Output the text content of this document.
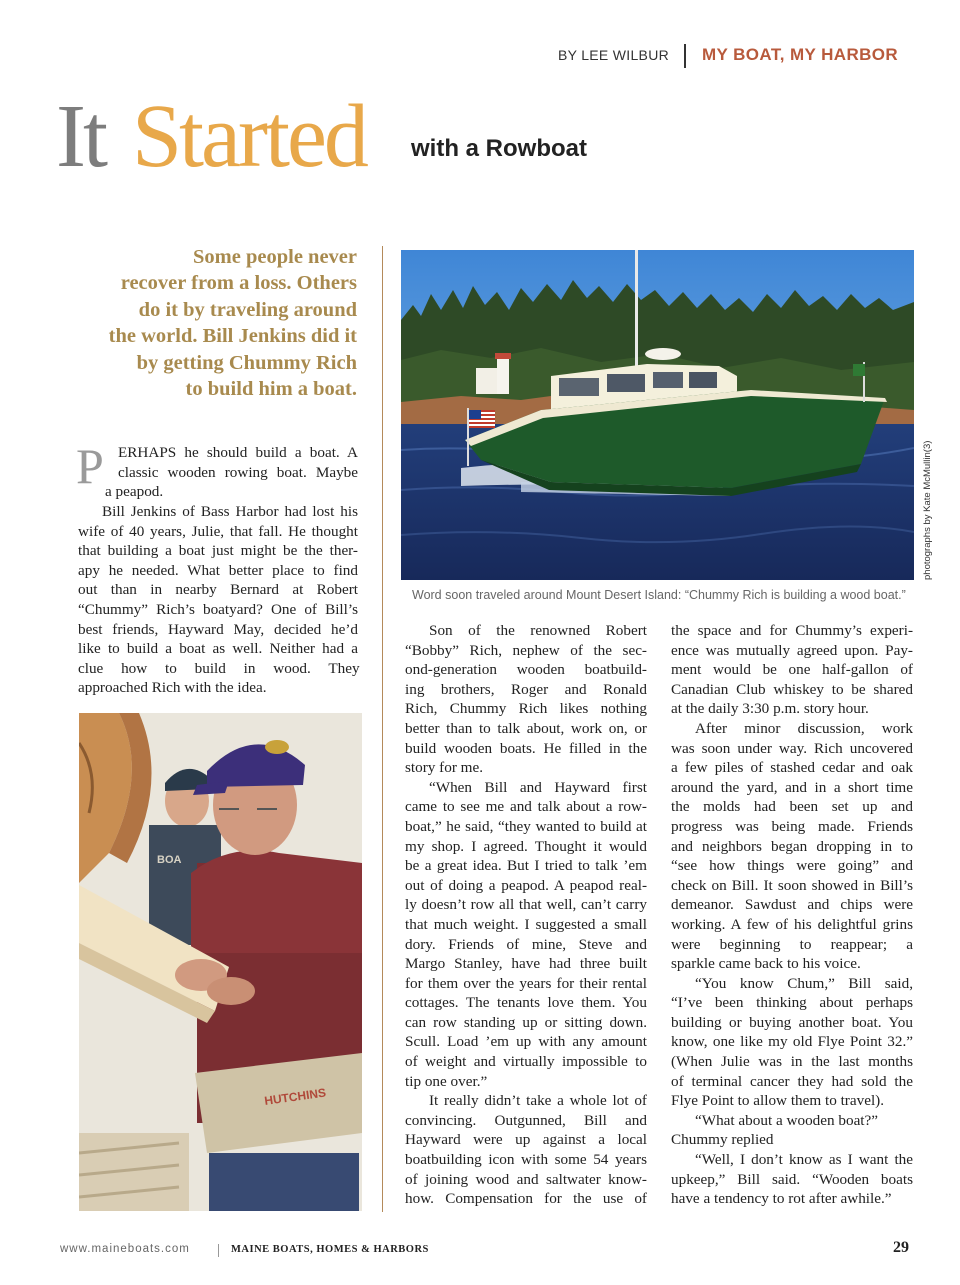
BY LEE WILBUR MY BOAT, MY HARBOR
It Started with a Rowboat
Some people never
recover from a loss. Others
do it by traveling around
the world. Bill Jenkins did it
by getting Chummy Rich
to build him a boat.
P ERHAPS he should build a boat. A
classic wooden rowing boat. Maybe
a peapod.
Bill Jenkins of Bass Harbor had lost his
wife of 40 years, Julie, that fall. He thought
that building a boat just might be the ther-
apy he needed. What better place to find
out than in nearby Bernard at Robert
“Chummy” Rich’s boatyard? One of Bill’s
best friends, Hayward May, decided he’d
like to build a boat as well. Neither had a
clue how to build in wood. They
approached Rich with the idea.
photographs by Kate McMullin(3)
Word soon traveled around Mount Desert Island: “Chummy Rich is building a wood boat.”
BOA
HUTCHINS
Son of the renowned Robert
“Bobby” Rich, nephew of the sec-
ond-generation wooden boatbuild-
ing brothers, Roger and Ronald
Rich, Chummy Rich likes nothing
better than to talk about, work on, or
build wooden boats. He filled in the
story for me.
“When Bill and Hayward first
came to see me and talk about a row-
boat,” he said, “they wanted to build at
my shop. I agreed. Thought it would
be a great idea. But I tried to talk ’em
out of doing a peapod. A peapod real-
ly doesn’t row all that well, can’t carry
that much weight. I suggested a small
dory. Friends of mine, Steve and
Margo Stanley, have had three built
for them over the years for their rental
cottages. The tenants love them. You
can row standing up or sitting down.
Scull. Load ’em up with any amount
of weight and virtually impossible to
tip one over.”
It really didn’t take a whole lot of
convincing. Outgunned, Bill and
Hayward were up against a local
boatbuilding icon with some 54 years
of joining wood and saltwater know-
how. Compensation for the use of
the space and for Chummy’s experi-
ence was mutually agreed upon. Pay-
ment would be one half-gallon of
Canadian Club whiskey to be shared
at the daily 3:30 p.m. story hour.
After minor discussion, work
was soon under way. Rich uncovered
a few piles of stashed cedar and oak
around the yard, and in a short time
the molds had been set up and
progress was being made. Friends
and neighbors began dropping in to
“see how things were going” and
check on Bill. It soon showed in Bill’s
demeanor. Sawdust and chips were
working. A few of his delightful grins
were beginning to reappear; a
sparkle came back to his voice.
“You know Chum,” Bill said,
“I’ve been thinking about perhaps
building or buying another boat. You
know, one like my old Flye Point 32.”
(When Julie was in the last months
of terminal cancer they had sold the
Flye Point to allow them to travel).
“What about a wooden boat?”
Chummy replied
“Well, I don’t know as I want the
upkeep,” Bill said. “Wooden boats
have a tendency to rot after awhile.”
www.maineboats.com	MAINE BOATS, HOMES & HARBORS	29
